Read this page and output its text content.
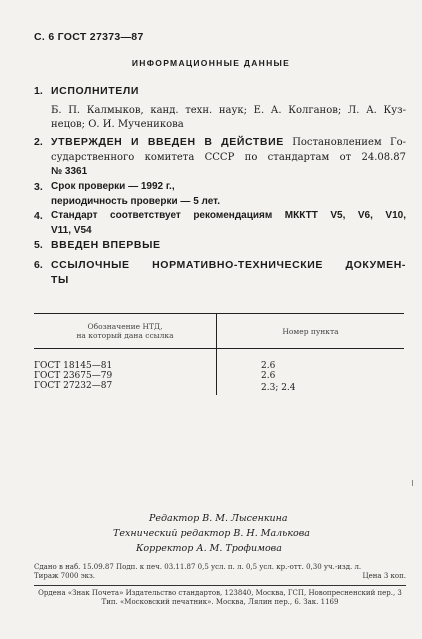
С. 6 ГОСТ 27373—87
ИНФОРМАЦИОННЫЕ ДАННЫЕ
1. ИСПОЛНИТЕЛИ
Б. П. Калмыков, канд. техн. наук; Е. А. Колганов; Л. А. Куз-
нецов; О. И. Мученикова
2. УТВЕРЖДЕН И ВВЕДЕН В ДЕЙСТВИЕ Постановлением Го-
сударственного комитета СССР по стандартам от 24.08.87
№ 3361
3. Срок проверки — 1992 г.,
периодичность проверки — 5 лет.
4. Стандарт соответствует рекомендациям МККТТ V5, V6, V10,
V11, V54
5. ВВЕДЕН ВПЕРВЫЕ
6. ССЫЛОЧНЫЕ НОРМАТИВНО-ТЕХНИЧЕСКИЕ ДОКУМЕН-
ТЫ
Обозначение НТД,
на который дана ссылка	Номер пункта
ГОСТ 18145—81	2.6
ГОСТ 23675—79	2.6
ГОСТ 27232—87	2.3; 2.4
Редактор В. М. Лысенкина
Технический редактор В. Н. Малькова
Корректор А. М. Трофимова
Сдано в наб. 15.09.87 Подп. к печ. 03.11.87 0,5 усл. п. л. 0,5 усл. кр.-отт. 0,30 уч.-изд. л.
Тираж 7000 экз.	Цена 3 коп.
Ордена «Знак Почета» Издательство стандартов, 123840, Москва, ГСП, Новопресненский пер., 3
Тип. «Московский печатник». Москва, Лялин пер., 6. Зак. 1169
